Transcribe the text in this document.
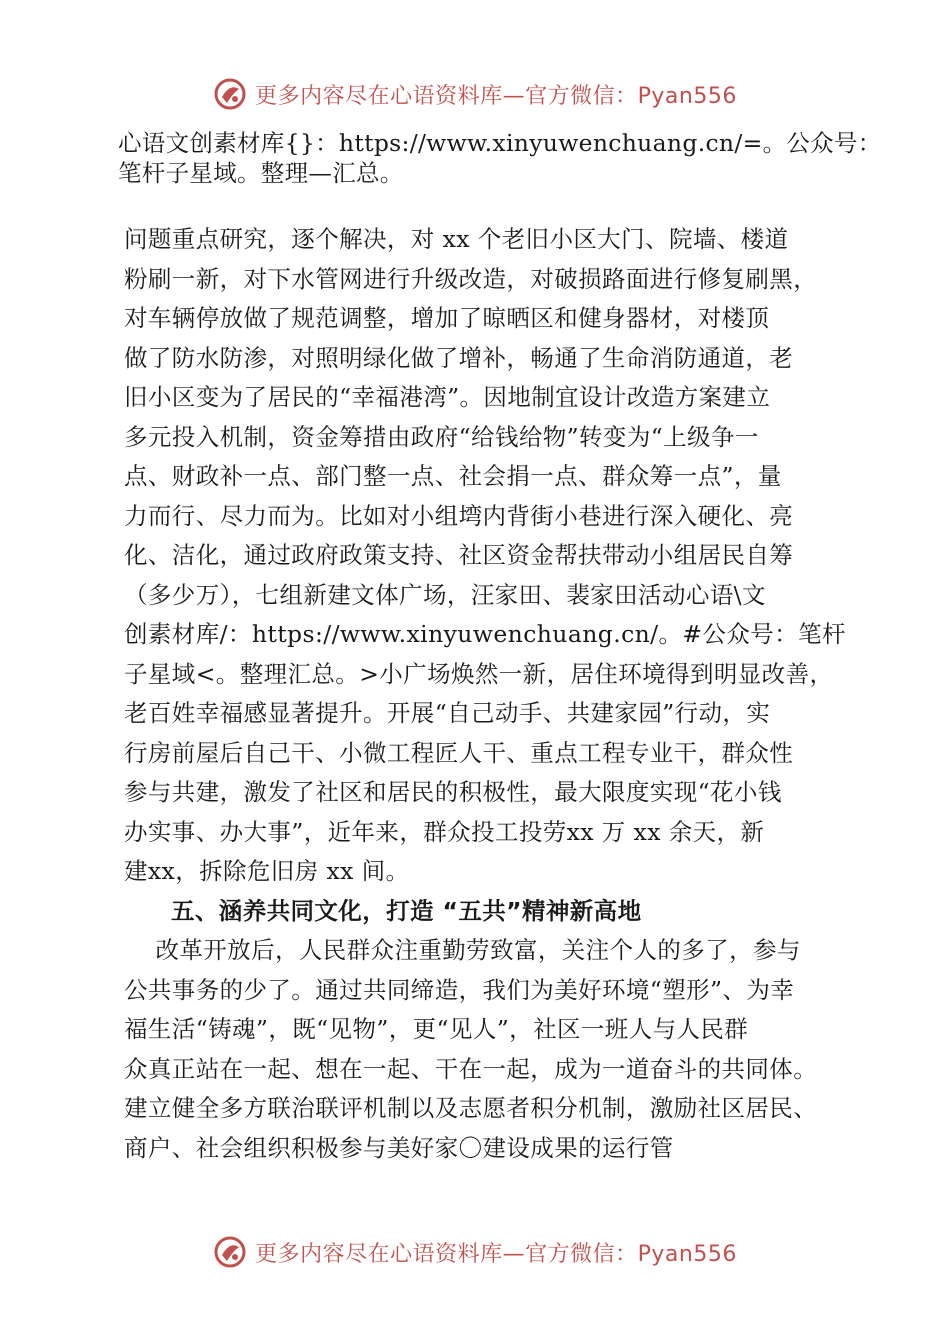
更多内容尽在心语资料库—官方微信：Pyan556
心语文创素材库{}：https://www.xinyuwenchuang.cn/=。公众号：
笔杆子星域。整理—汇总。
问题重点研究，逐个解决，对 xx 个老旧小区大门、院墙、楼道
粉刷一新，对下水管网进行升级改造，对破损路面进行修复刷黑，
对车辆停放做了规范调整，增加了晾晒区和健身器材，对楼顶
做了防水防渗，对照明绿化做了增补，畅通了生命消防通道，老
旧小区变为了居民的“幸福港湾”。因地制宜设计改造方案建立
多元投入机制，资金筹措由政府“给钱给物”转变为“上级争一
点、财政补一点、部门整一点、社会捐一点、群众筹一点”，量
力而行、尽力而为。比如对小组塆内背街小巷进行深入硬化、亮
化、洁化，通过政府政策支持、社区资金帮扶带动小组居民自筹
（多少万），七组新建文体广场，汪家田、裴家田活动心语\文
创素材库/：https://www.xinyuwenchuang.cn/。#公众号：笔杆
子星域<。整理汇总。>小广场焕然一新，居住环境得到明显改善，
老百姓幸福感显著提升。开展“自己动手、共建家园”行动，实
行房前屋后自己干、小微工程匠人干、重点工程专业干，群众性
参与共建，激发了社区和居民的积极性，最大限度实现“花小钱
办实事、办大事”，近年来，群众投工投劳xx 万 xx 余天，新
建xx，拆除危旧房 xx 间。
五、涵养共同文化，打造 “五共”精神新高地
改革开放后，人民群众注重勤劳致富，关注个人的多了，参与
公共事务的少了。通过共同缔造，我们为美好环境“塑形”、为幸
福生活“铸魂”，既“见物”，更“见人”，社区一班人与人民群
众真正站在一起、想在一起、干在一起，成为一道奋斗的共同体。
建立健全多方联治联评机制以及志愿者积分机制，激励社区居民、
商户、社会组织积极参与美好家〇建设成果的运行管
更多内容尽在心语资料库—官方微信：Pyan556
